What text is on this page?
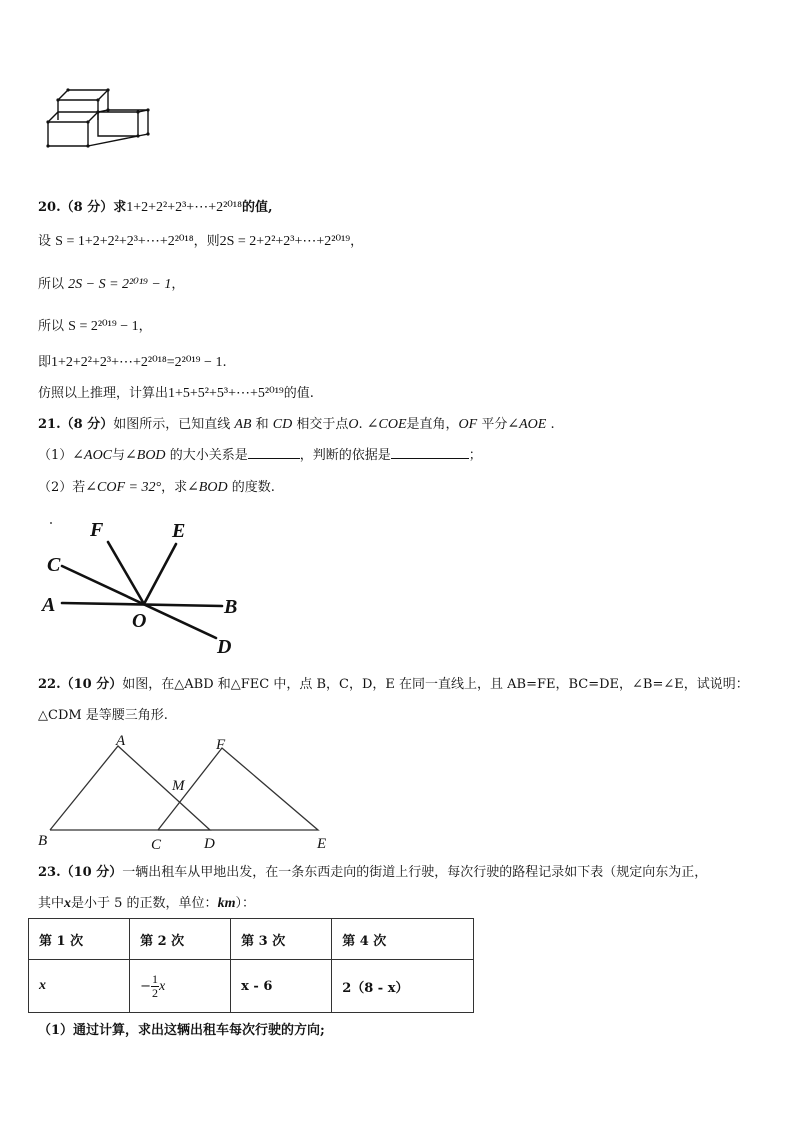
20.（8 分）求1+2+2²+2³+⋯+2²⁰¹⁸的值,
设 S = 1+2+2²+2³+⋯+2²⁰¹⁸，则2S = 2+2²+2³+⋯+2²⁰¹⁹，
所以 2S − S = 2²⁰¹⁹ − 1，
所以 S = 2²⁰¹⁹ − 1，
即1+2+2²+2³+⋯+2²⁰¹⁸=2²⁰¹⁹ − 1.
仿照以上推理，计算出1+5+5²+5³+⋯+5²⁰¹⁹的值.
21.（8 分）如图所示，已知直线 AB 和 CD 相交于点O. ∠COE是直角，OF 平分∠AOE .
（1）∠AOC与∠BOD 的大小关系是	，判断的依据是	；
（2）若∠COF = 32°，求∠BOD 的度数.
F	E
C
A
O
B
D
22.（10 分）如图，在△ABD 和△FEC 中，点 B，C，D，E 在同一直线上，且 AB=FE，BC=DE，∠B=∠E，试说明：
△CDM 是等腰三角形.
A	F
M
B	C	D	E
23.（10 分）一辆出租车从甲地出发，在一条东西走向的街道上行驶，每次行驶的路程记录如下表（规定向东为正，
其中x是小于 5 的正数，单位：km）：
第 1 次	第 2 次	第 3 次	第 4 次
x	− $\frac{1}{2}$ x	x - 6	2（8 - x）
（1）通过计算，求出这辆出租车每次行驶的方向;
